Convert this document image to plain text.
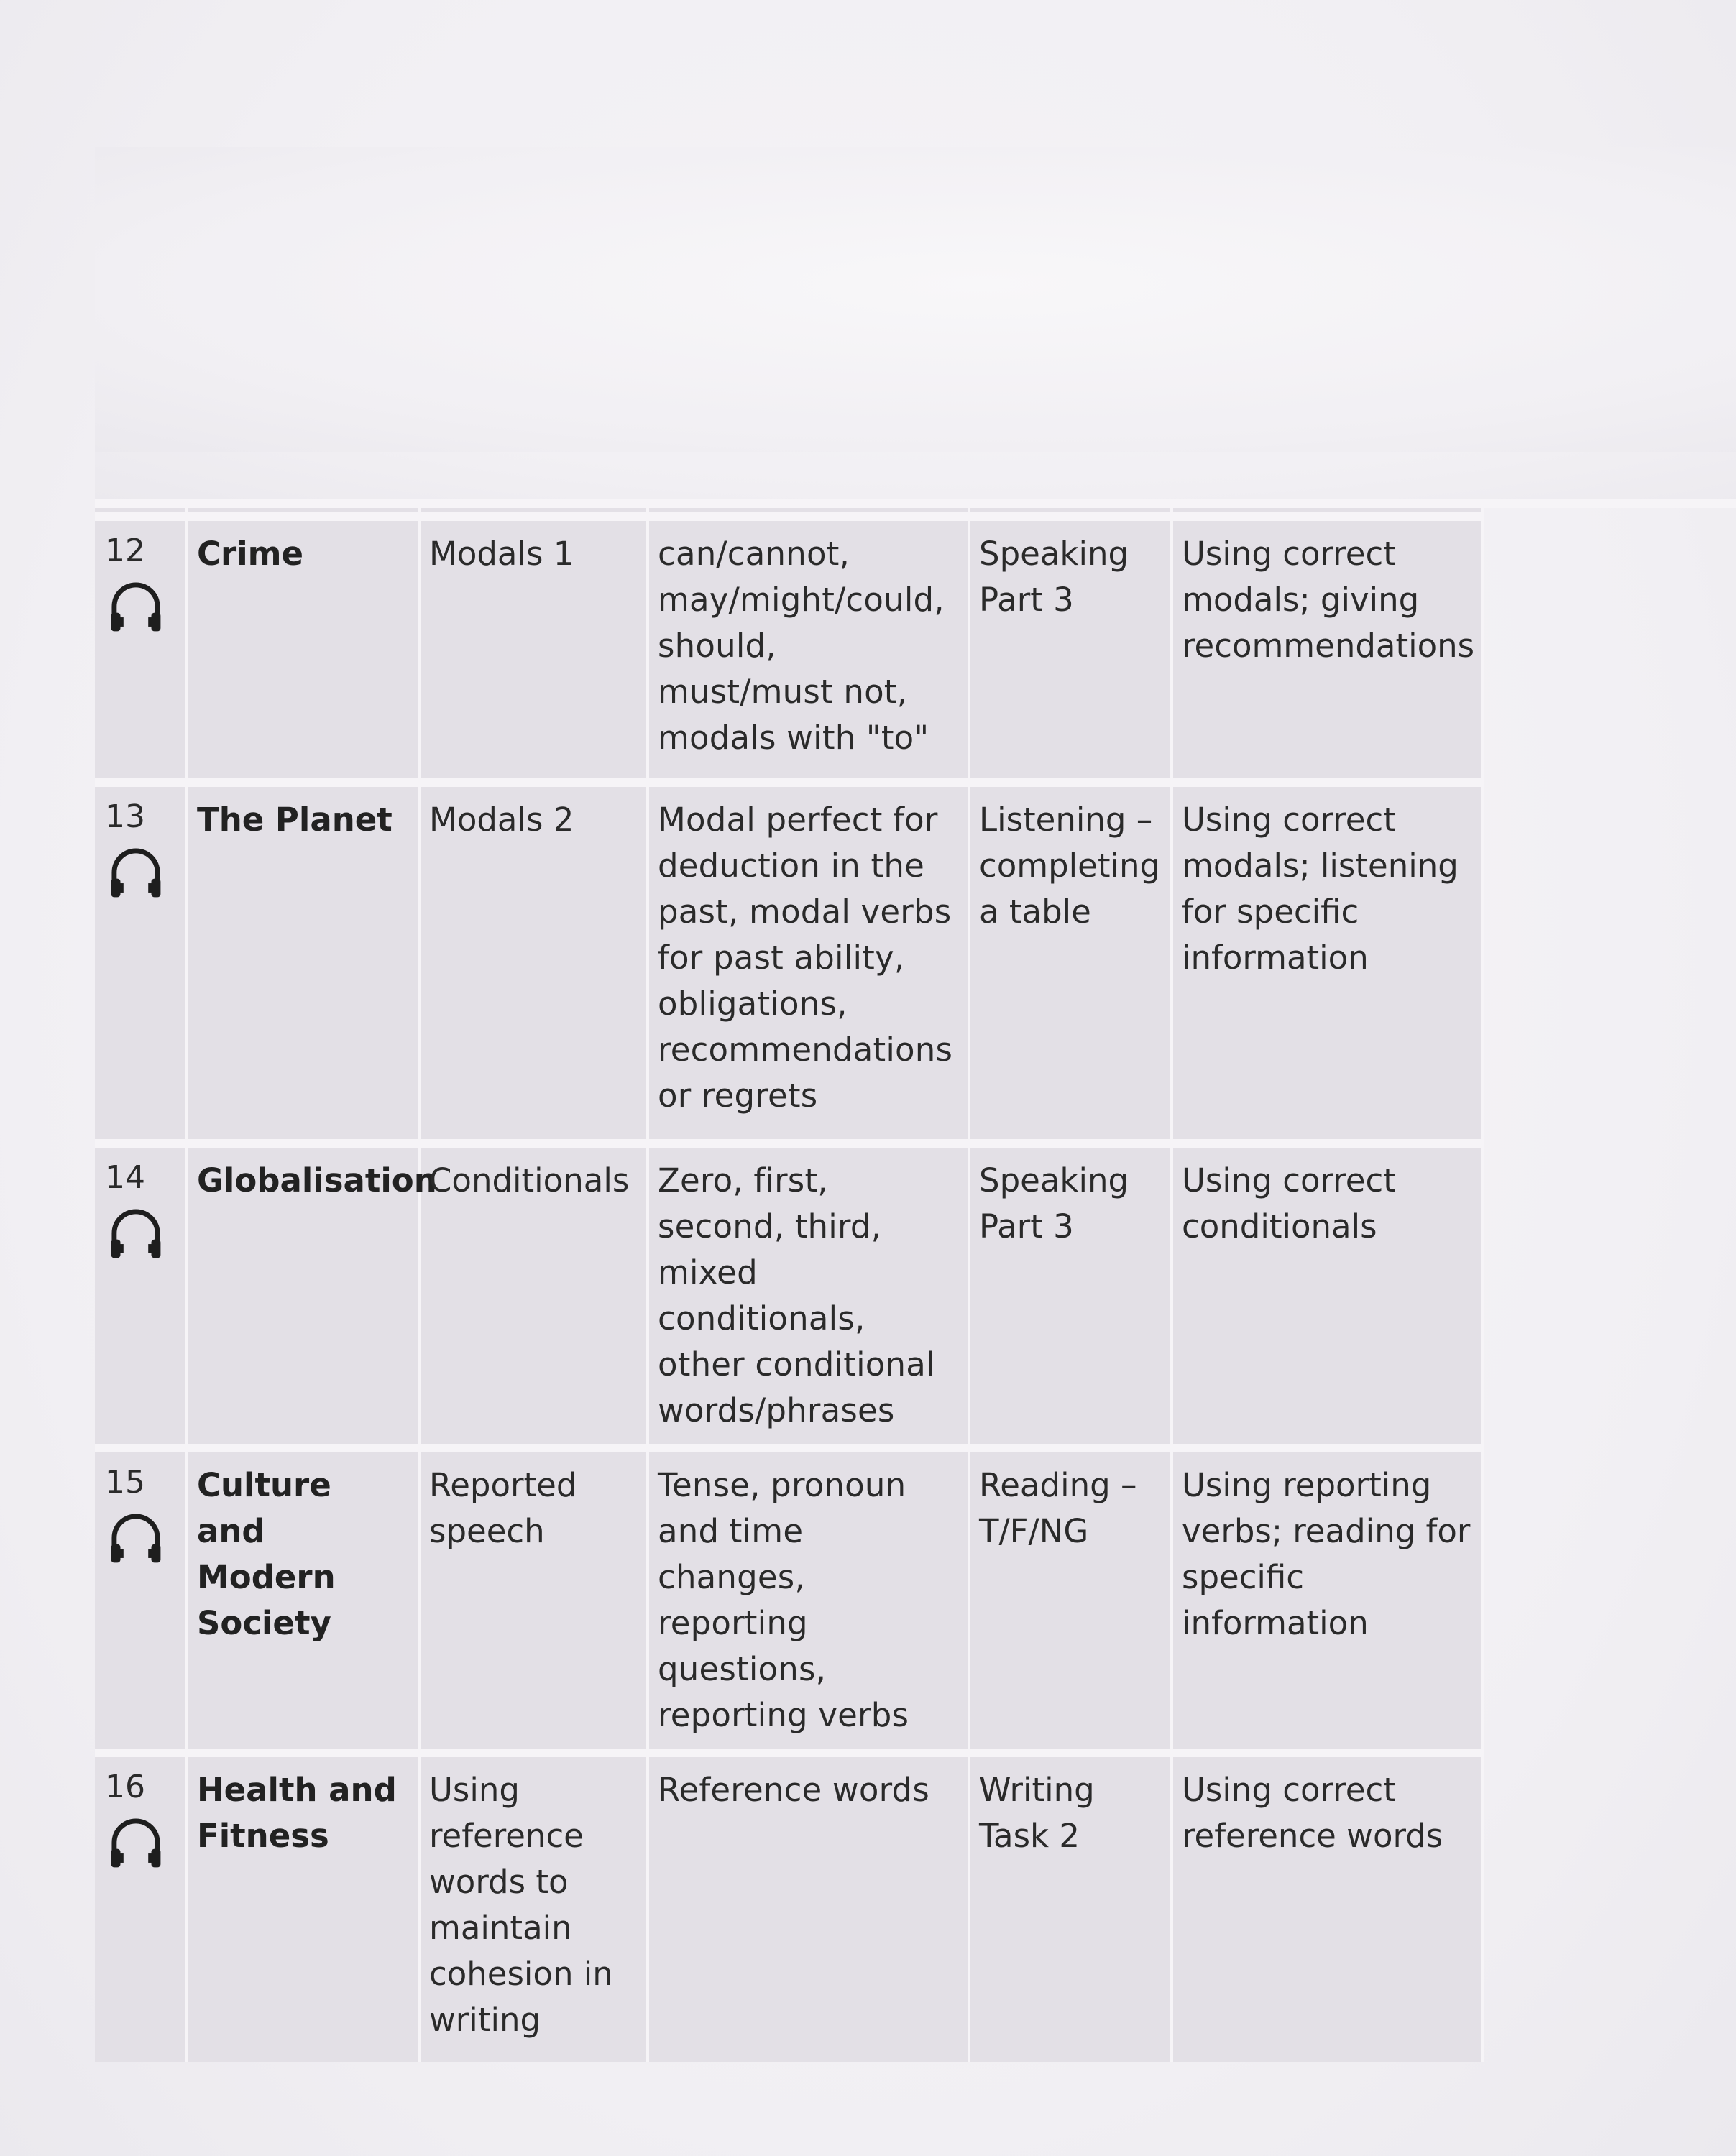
12	Crime	Modals 1	can/cannot, may/might/could, should, must/must not, modals with "to"	Speaking Part 3	Using correct modals; giving recommendations	

13	The Planet	Modals 2	Modal perfect for deduction in the past, modal verbs for past ability, obligations, recommendations or regrets	Listening – completing a table	Using correct modals; listening for specific information	

14	Globalisation	Conditionals	Zero, first, second, third, mixed conditionals, other conditional words/phrases	Speaking Part 3	Using correct conditionals	

15	Culture and Modern Society	Reported speech	Tense, pronoun and time changes, reporting questions, reporting verbs	Reading – T/F/NG	Using reporting verbs; reading for specific information	

16	Health and Fitness	Using reference words to maintain cohesion in writing	Reference words	Writing Task 2	Using correct reference words	
